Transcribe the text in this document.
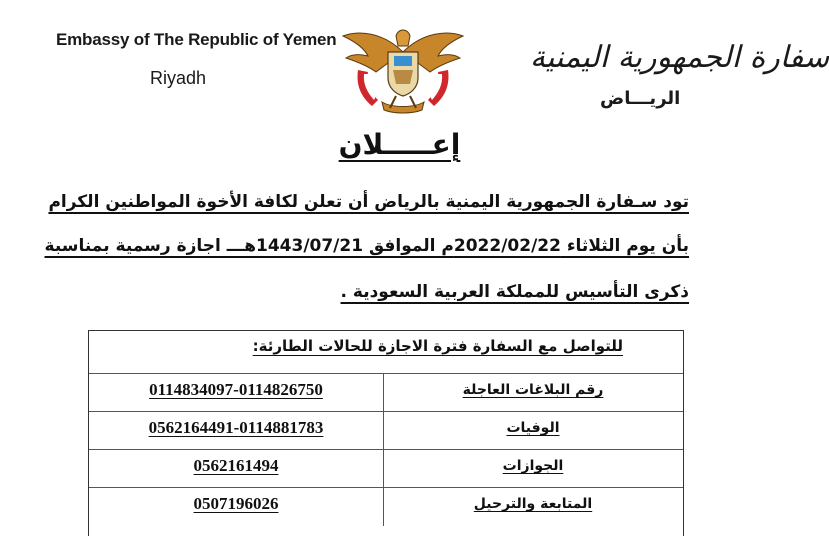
Embassy of The Republic of Yemen
Riyadh
سفارة الجمهورية اليمنية
الريـــاض
إعـــــلان
تود سـفارة الجمهورية اليمنية بالرياض أن تعلن لكافة الأخوة المواطنين الكرام
بأن يوم الثلاثاء 2022/02/22م الموافق 1443/07/21هـــ اجازة رسمية بمناسبة
ذكرى التأسيس للمملكة العربية السعودية .
للتواصل مع السفارة فترة الاجازة للحالات الطارئة:
0114834097-0114826750	رقم البلاغات العاجلة
0562164491-0114881783	الوفيات
0562161494	الجوازات
0507196026	المتابعة والترحيل
